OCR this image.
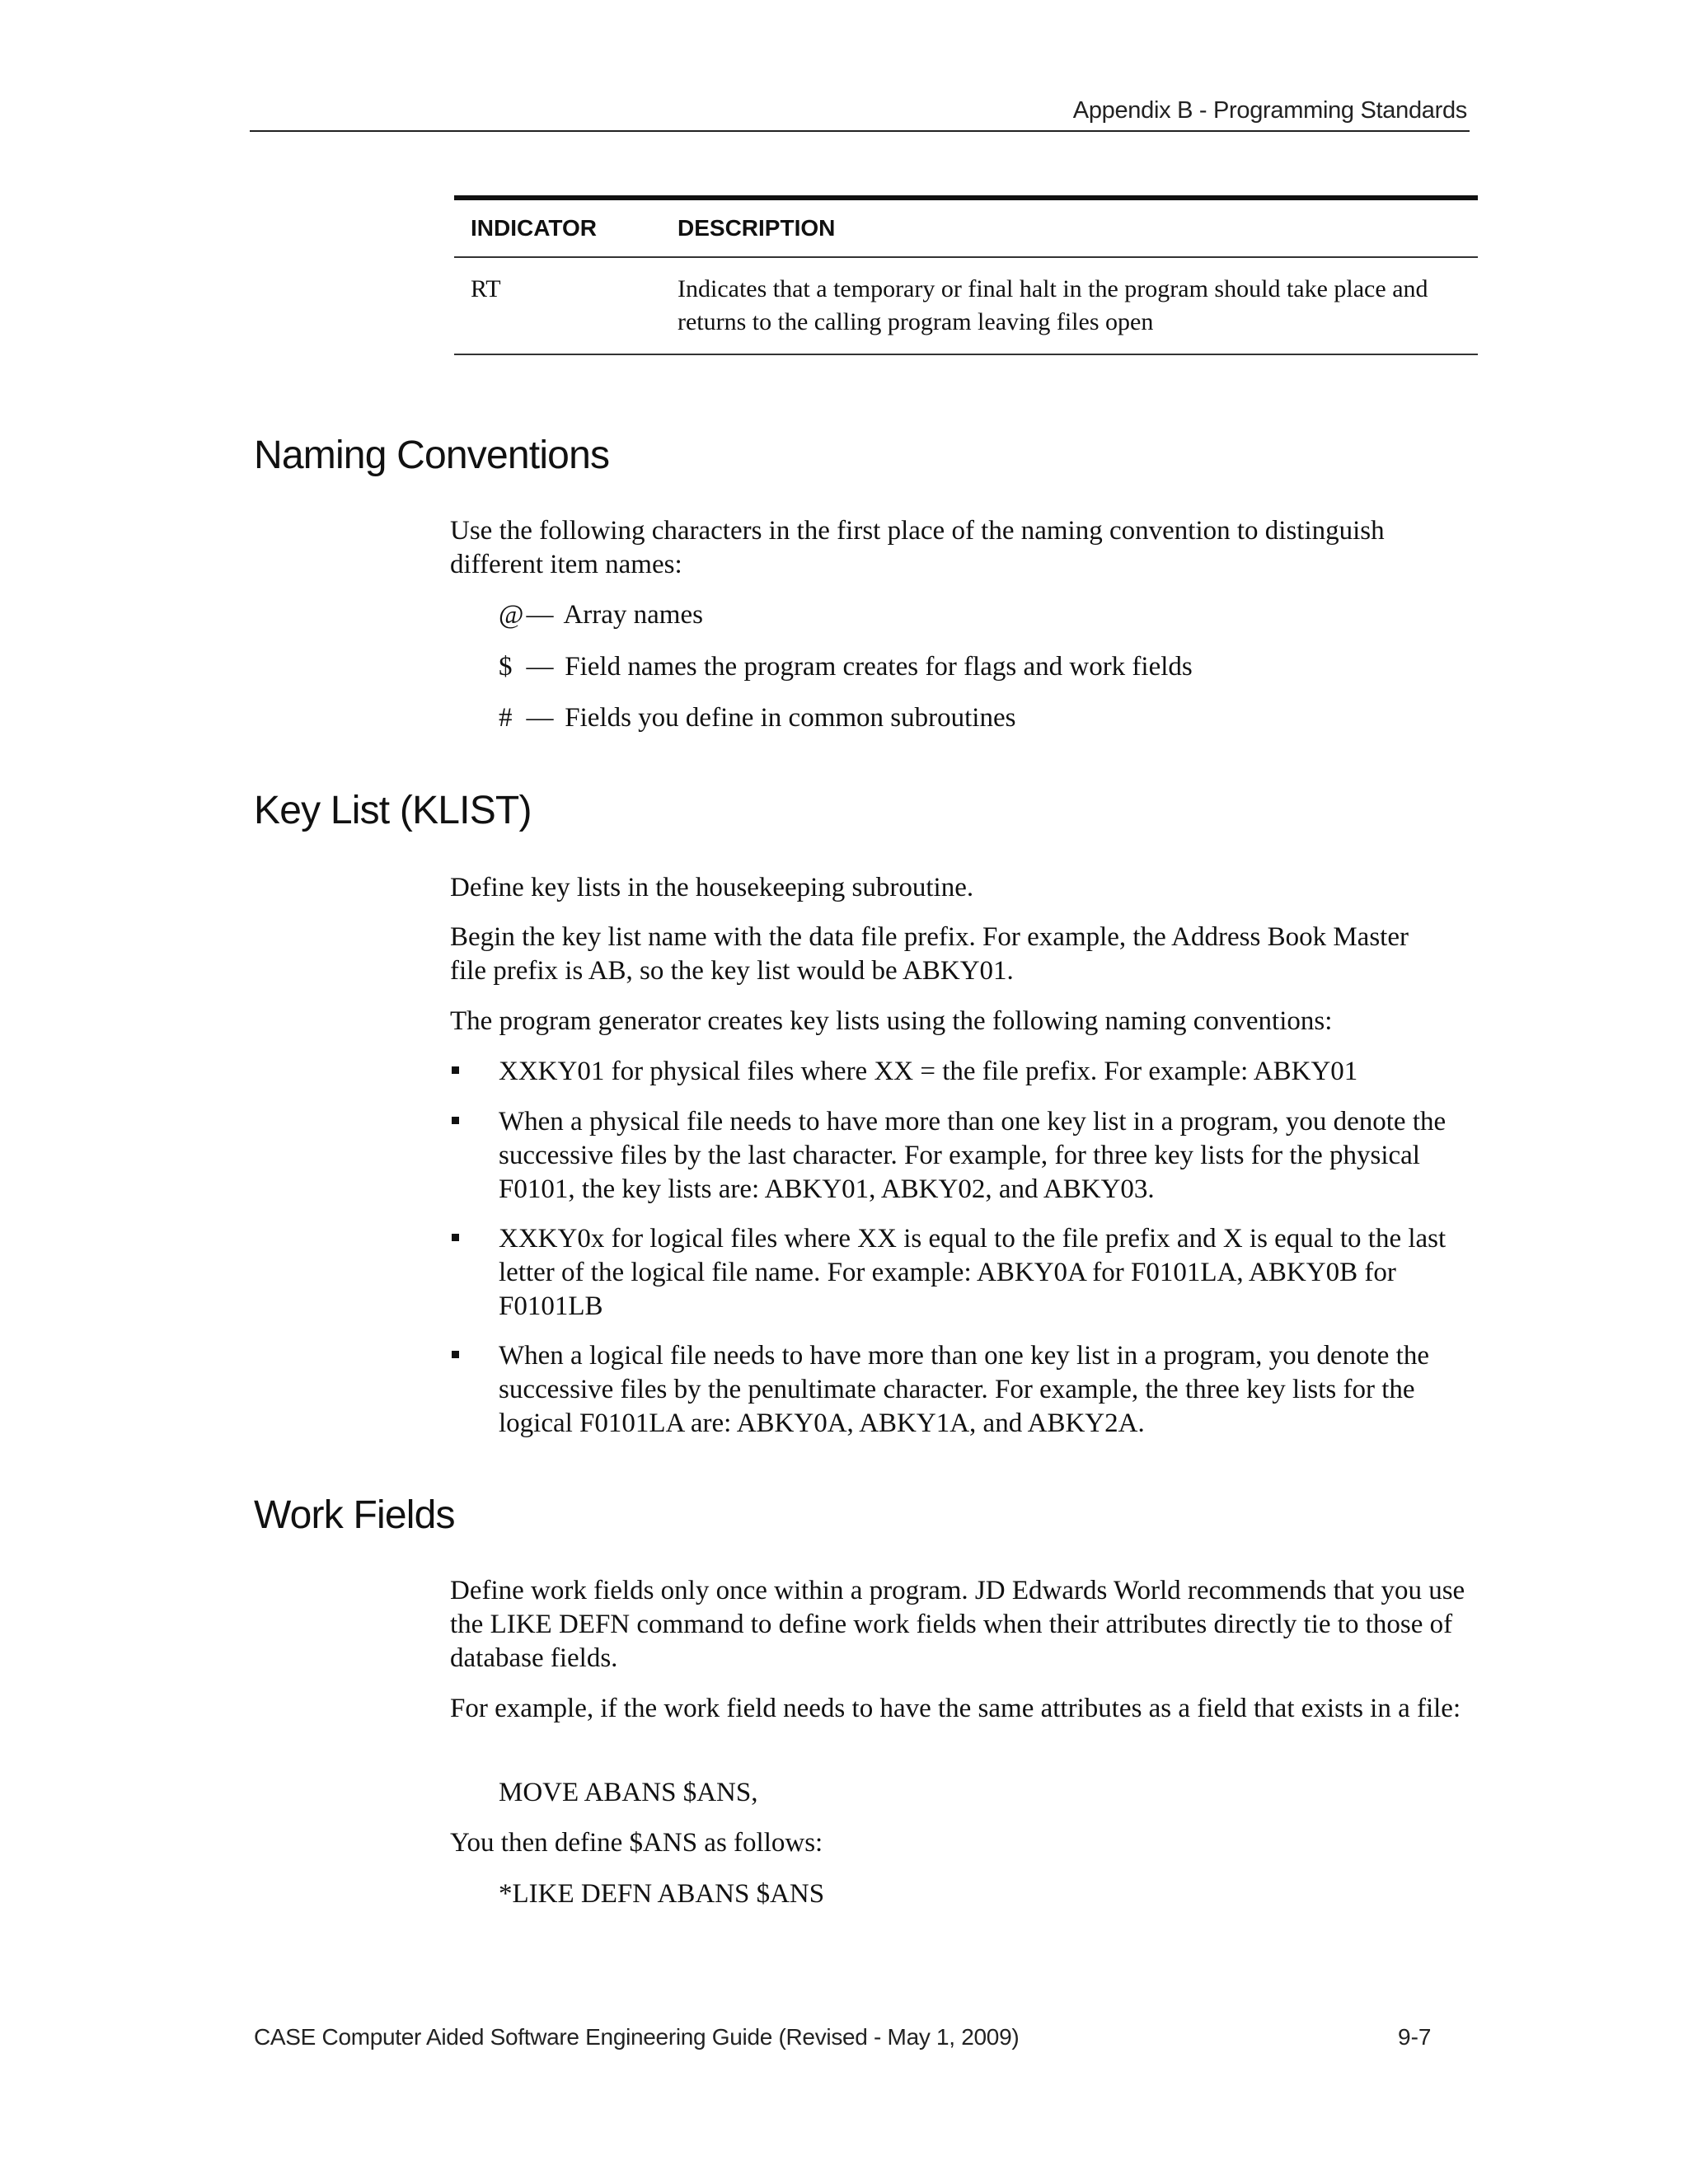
Appendix B - Programming Standards
INDICATOR	DESCRIPTION
RT	Indicates that a temporary or final halt in the program should take place and returns to the calling program leaving files open
Naming Conventions

Use the following characters in the first place of the naming convention to distinguish different item names:

@— Array names
$ — Field names the program creates for flags and work fields
# — Fields you define in common subroutines
Key List (KLIST)

Define key lists in the housekeeping subroutine.

Begin the key list name with the data file prefix. For example, the Address Book Master file prefix is AB, so the key list would be ABKY01.

The program generator creates key lists using the following naming conventions:

XXKY01 for physical files where XX = the file prefix. For example: ABKY01
When a physical file needs to have more than one key list in a program, you denote the successive files by the last character. For example, for three key lists for the physical F0101, the key lists are: ABKY01, ABKY02, and ABKY03.
XXKY0x for logical files where XX is equal to the file prefix and X is equal to the last letter of the logical file name. For example: ABKY0A for F0101LA, ABKY0B for F0101LB
When a logical file needs to have more than one key list in a program, you denote the successive files by the penultimate character. For example, the three key lists for the logical F0101LA are: ABKY0A, ABKY1A, and ABKY2A.
Work Fields

Define work fields only once within a program. JD Edwards World recommends that you use the LIKE DEFN command to define work fields when their attributes directly tie to those of database fields.

For example, if the work field needs to have the same attributes as a field that exists in a file:

MOVE ABANS $ANS,

You then define $ANS as follows:

*LIKE DEFN ABANS $ANS

CASE Computer Aided Software Engineering Guide (Revised - May 1, 2009)	9-7
